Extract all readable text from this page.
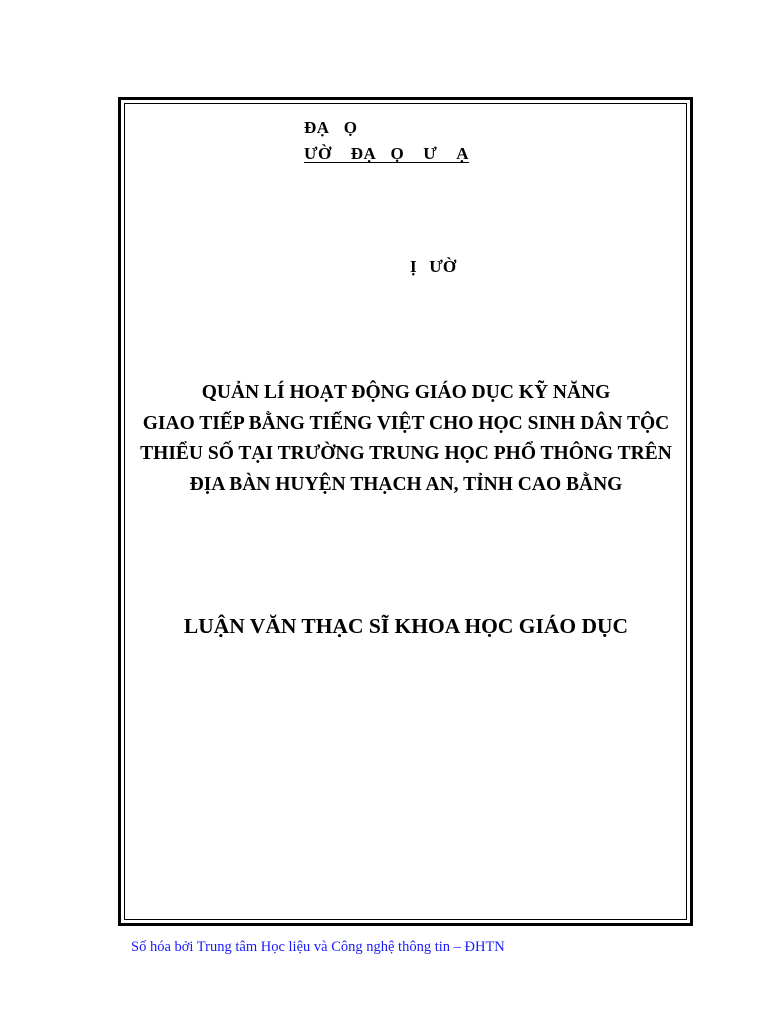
ĐẠ   Ọ
ƯỜ    ĐẠ   Ọ    Ư    Ạ
Ị   ƯỜ
QUẢN LÍ HOẠT ĐỘNG GIÁO DỤC KỸ NĂNG
GIAO TIẾP BẰNG TIẾNG VIỆT CHO HỌC SINH DÂN TỘC
THIỂU SỐ TẠI TRƯỜNG TRUNG HỌC PHỔ THÔNG TRÊN
ĐỊA BÀN HUYỆN THẠCH AN, TỈNH CAO BẰNG
LUẬN VĂN THẠC SĨ KHOA HỌC GIÁO DỤC
Số hóa bởi Trung tâm Học liệu và Công nghệ thông tin – ĐHTN
